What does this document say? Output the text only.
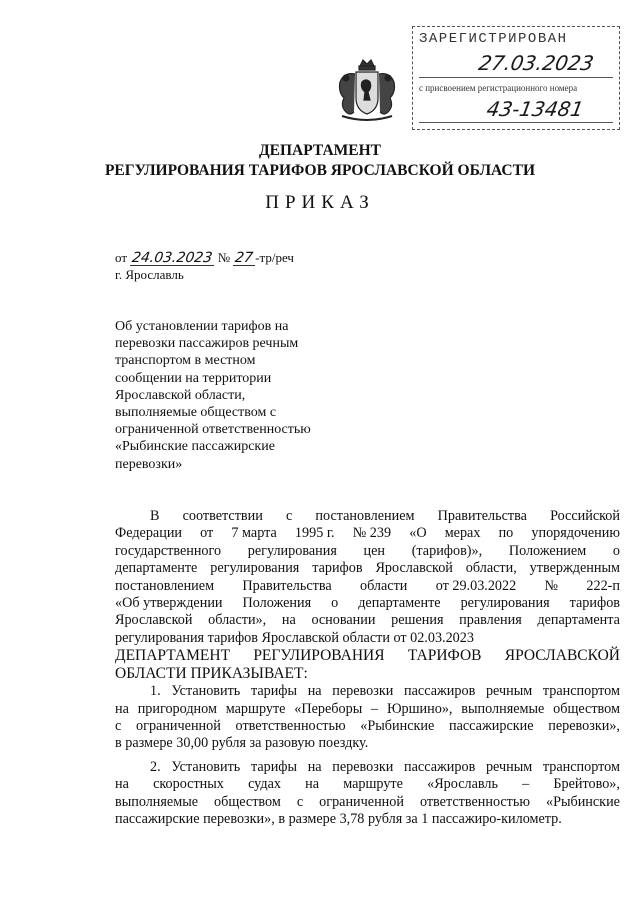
ЗАРЕГИСТРИРОВАН
27.03.2023
с присвоением регистрационного номера
43-13481
ДЕПАРТАМЕНТ
РЕГУЛИРОВАНИЯ ТАРИФОВ ЯРОСЛАВСКОЙ ОБЛАСТИ
ПРИКАЗ
от 24.03.2023 № 27-тр/реч
г. Ярославль
Об установлении тарифов на
перевозки пассажиров речным
транспортом в местном
сообщении на территории
Ярославской области,
выполняемые обществом с
ограниченной ответственностью
«Рыбинские пассажирские
перевозки»
В соответствии с постановлением Правительства Российской
Федерации от 7 марта 1995 г. № 239 «О мерах по упорядочению
государственного регулирования цен (тарифов)», Положением о
департаменте регулирования тарифов Ярославской области, утвержденным
постановлением Правительства области от 29.03.2022 № 222-п
«Об утверждении Положения о департаменте регулирования тарифов
Ярославской области», на основании решения правления департамента
регулирования тарифов Ярославской области от 02.03.2023
ДЕПАРТАМЕНТ РЕГУЛИРОВАНИЯ ТАРИФОВ ЯРОСЛАВСКОЙ
ОБЛАСТИ ПРИКАЗЫВАЕТ:
1. Установить тарифы на перевозки пассажиров речным транспортом
на пригородном маршруте «Переборы – Юршино», выполняемые обществом
с ограниченной ответственностью «Рыбинские пассажирские перевозки»,
в размере 30,00 рубля за разовую поездку.
2. Установить тарифы на перевозки пассажиров речным транспортом
на скоростных судах на маршруте «Ярославль – Брейтово»,
выполняемые обществом с ограниченной ответственностью «Рыбинские
пассажирские перевозки», в размере 3,78 рубля за 1 пассажиро-километр.
